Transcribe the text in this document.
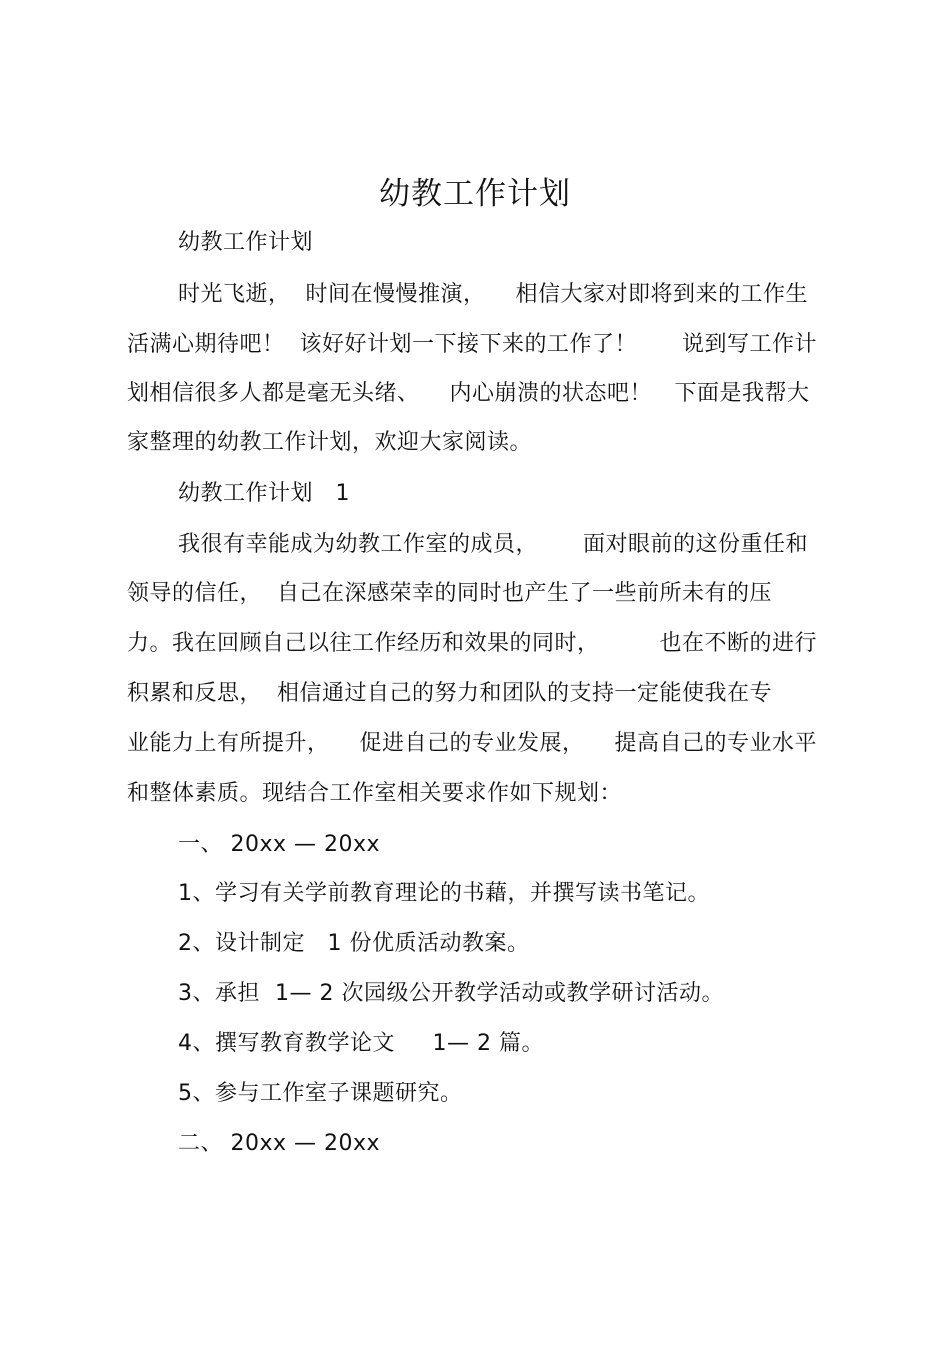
幼教工作计划
幼教工作计划
时光飞逝，  时间在慢慢推演，    相信大家对即将到来的工作生
活满心期待吧！  该好好计划一下接下来的工作了！      说到写工作计
划相信很多人都是毫无头绪、    内心崩溃的状态吧！   下面是我帮大
家整理的幼教工作计划，欢迎大家阅读。
幼教工作计划   1
我很有幸能成为幼教工作室的成员，      面对眼前的这份重任和
领导的信任，  自己在深感荣幸的同时也产生了一些前所未有的压
力。我在回顾自己以往工作经历和效果的同时，        也在不断的进行
积累和反思，  相信通过自己的努力和团队的支持一定能使我在专
业能力上有所提升，    促进自己的专业发展，    提高自己的专业水平
和整体素质。现结合工作室相关要求作如下规划：
一、 20xx — 20xx
1、学习有关学前教育理论的书藉，并撰写读书笔记。
2、设计制定   1 份优质活动教案。
3、承担  1— 2 次园级公开教学活动或教学研讨活动。
4、撰写教育教学论文     1— 2 篇。
5、参与工作室子课题研究。
二、 20xx — 20xx
